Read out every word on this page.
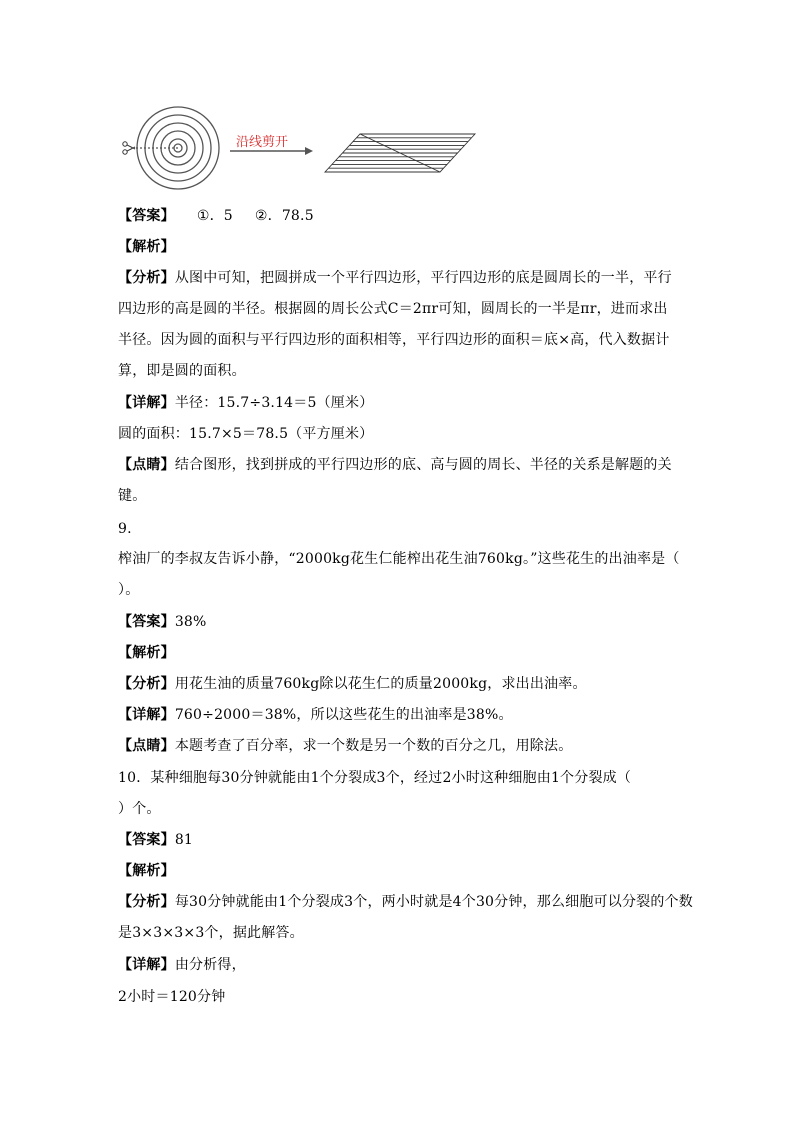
沿线剪开
【答案】 ①．5 ②．78.5
【解析】
【分析】从图中可知，把圆拼成一个平行四边形，平行四边形的底是圆周长的一半，平行
四边形的高是圆的半径。根据圆的周长公式C＝2πr可知，圆周长的一半是πr，进而求出
半径。因为圆的面积与平行四边形的面积相等，平行四边形的面积＝底×高，代入数据计
算，即是圆的面积。
【详解】半径：15.7÷3.14＝5（厘米）
圆的面积：15.7×5＝78.5（平方厘米）
【点睛】结合图形，找到拼成的平行四边形的底、高与圆的周长、半径的关系是解题的关
键。
9.
榨油厂的李叔友告诉小静，“2000kg花生仁能榨出花生油760kg。”这些花生的出油率是（
）。
【答案】38%
【解析】
【分析】用花生油的质量760kg除以花生仁的质量2000kg，求出出油率。
【详解】760÷2000＝38%，所以这些花生的出油率是38%。
【点睛】本题考查了百分率，求一个数是另一个数的百分之几，用除法。
10．某种细胞每30分钟就能由1个分裂成3个，经过2小时这种细胞由1个分裂成（
）个。
【答案】81
【解析】
【分析】每30分钟就能由1个分裂成3个，两小时就是4个30分钟，那么细胞可以分裂的个数
是3×3×3×3个，据此解答。
【详解】由分析得，
2小时＝120分钟
